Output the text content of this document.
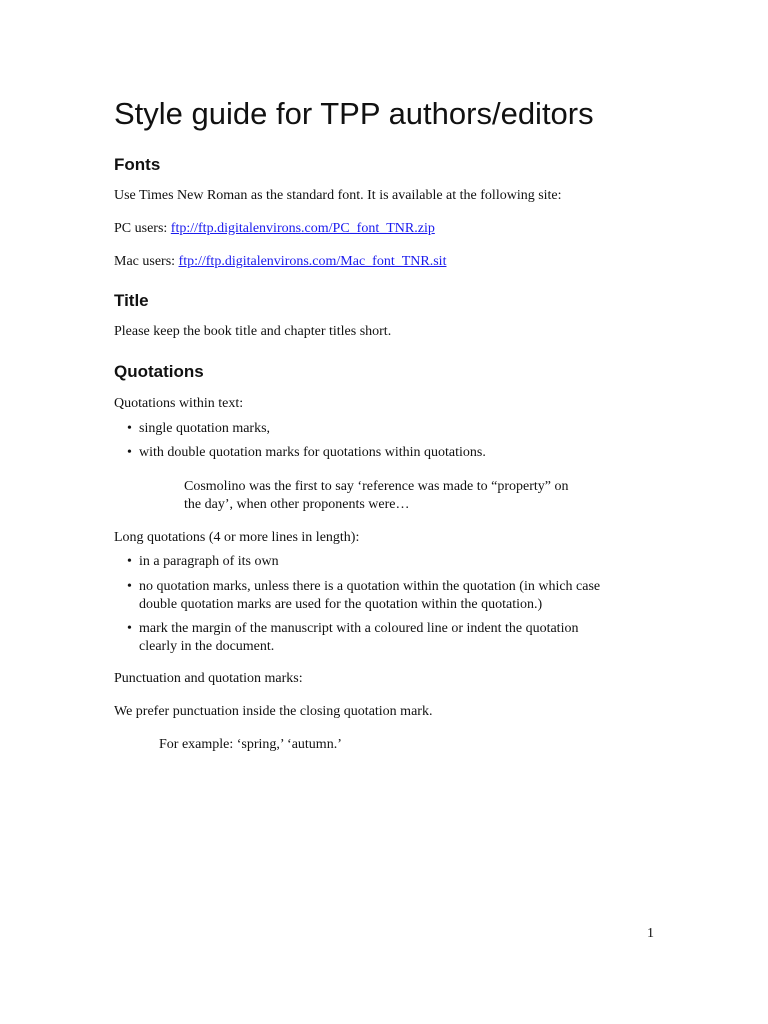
Style guide for TPP authors/editors
Fonts
Use Times New Roman as the standard font. It is available at the following site:
PC users: ftp://ftp.digitalenvirons.com/PC_font_TNR.zip
Mac users: ftp://ftp.digitalenvirons.com/Mac_font_TNR.sit
Title
Please keep the book title and chapter titles short.
Quotations
Quotations within text:
• single quotation marks,
• with double quotation marks for quotations within quotations.
Cosmolino was the first to say ‘reference was made to “property” on
the day’, when other proponents were…
Long quotations (4 or more lines in length):
• in a paragraph of its own
• no quotation marks, unless there is a quotation within the quotation (in which case
double quotation marks are used for the quotation within the quotation.)
• mark the margin of the manuscript with a coloured line or indent the quotation
clearly in the document.
Punctuation and quotation marks:
We prefer punctuation inside the closing quotation mark.
For example: ‘spring,’ ‘autumn.’
1
